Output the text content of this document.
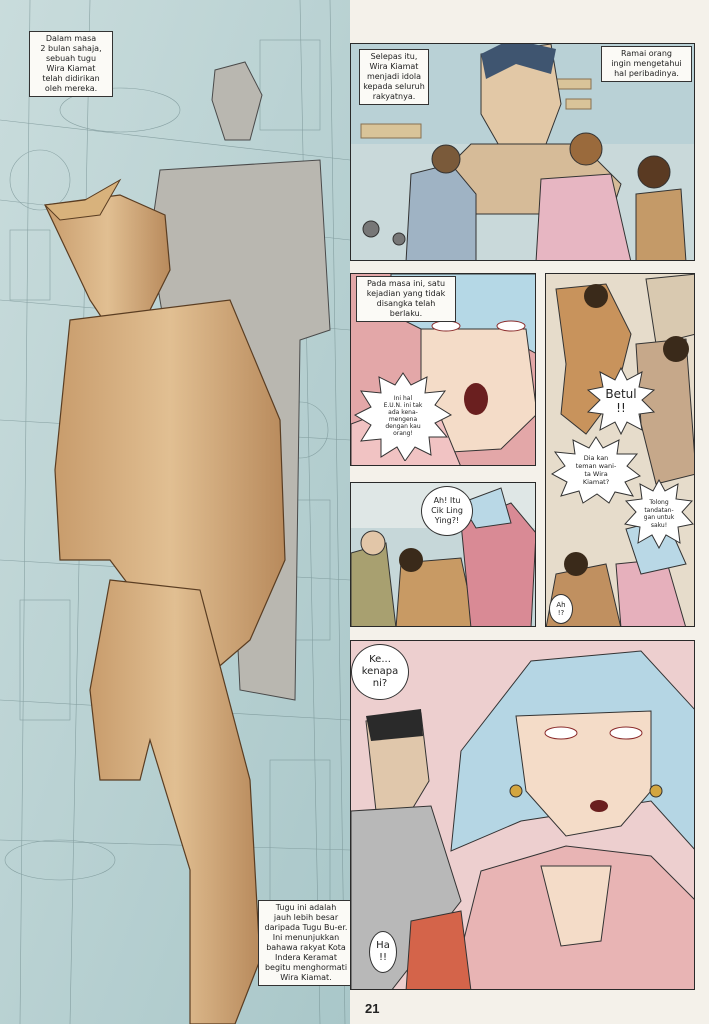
Dalam masa
2 bulan sahaja,
sebuah tugu
Wira Kiamat
telah didirikan
oleh mereka.
Tugu ini adalah
jauh lebih besar
daripada Tugu Bu-er.
Ini menunjukkan
bahawa rakyat Kota
Indera Keramat
begitu menghormati
Wira Kiamat.
Selepas itu,
Wira Kiamat
menjadi idola
kepada seluruh
rakyatnya.
Ramai orang
ingin mengetahui
hal peribadinya.
Pada masa ini, satu
kejadian yang tidak
disangka telah berlaku.
Ini hal
E.U.N. ini tak
ada kena-
mengena
dengan kau
orang!
Betul
!!
Dia kan
teman wani-
ta Wira
Kiamat?
Tolong
tandatan-
gan untuk
saku!
Ah
!?
Ah! Itu
Cik Ling
Ying?!
Ke...
kenapa
ni?
Ha
!!
21
